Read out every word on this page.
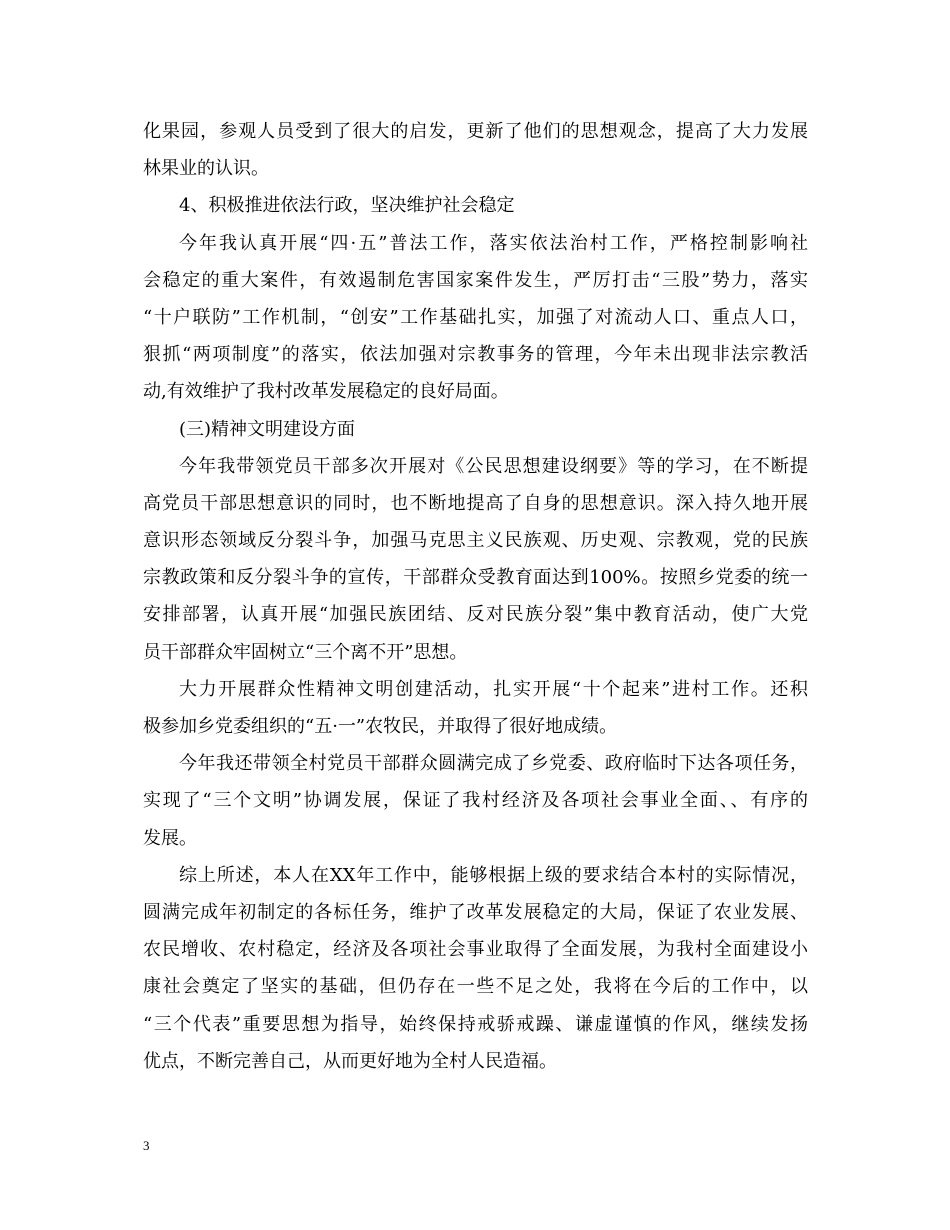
化果园，参观人员受到了很大的启发，更新了他们的思想观念，提高了大力发展
林果业的认识。
4、积极推进依法行政，坚决维护社会稳定
今年我认真开展“四·五”普法工作，落实依法治村工作，严格控制影响社
会稳定的重大案件，有效遏制危害国家案件发生，严厉打击“三股”势力，落实
“十户联防”工作机制，“创安”工作基础扎实，加强了对流动人口、重点人口，
狠抓“两项制度”的落实，依法加强对宗教事务的管理，今年未出现非法宗教活
动,有效维护了我村改革发展稳定的良好局面。
(三)精神文明建设方面
今年我带领党员干部多次开展对《公民思想建设纲要》等的学习，在不断提
高党员干部思想意识的同时，也不断地提高了自身的思想意识。深入持久地开展
意识形态领域反分裂斗争，加强马克思主义民族观、历史观、宗教观，党的民族
宗教政策和反分裂斗争的宣传，干部群众受教育面达到100%。按照乡党委的统一
安排部署，认真开展“加强民族团结、反对民族分裂”集中教育活动，使广大党
员干部群众牢固树立“三个离不开”思想。
大力开展群众性精神文明创建活动，扎实开展“十个起来”进村工作。还积
极参加乡党委组织的“五·一”农牧民，并取得了很好地成绩。
今年我还带领全村党员干部群众圆满完成了乡党委、政府临时下达各项任务，
实现了“三个文明”协调发展，保证了我村经济及各项社会事业全面、、有序的
发展。
综上所述，本人在XX年工作中，能够根据上级的要求结合本村的实际情况，
圆满完成年初制定的各标任务，维护了改革发展稳定的大局，保证了农业发展、
农民增收、农村稳定，经济及各项社会事业取得了全面发展，为我村全面建设小
康社会奠定了坚实的基础，但仍存在一些不足之处，我将在今后的工作中，以
“三个代表”重要思想为指导，始终保持戒骄戒躁、谦虚谨慎的作风，继续发扬
优点，不断完善自己，从而更好地为全村人民造福。
3
